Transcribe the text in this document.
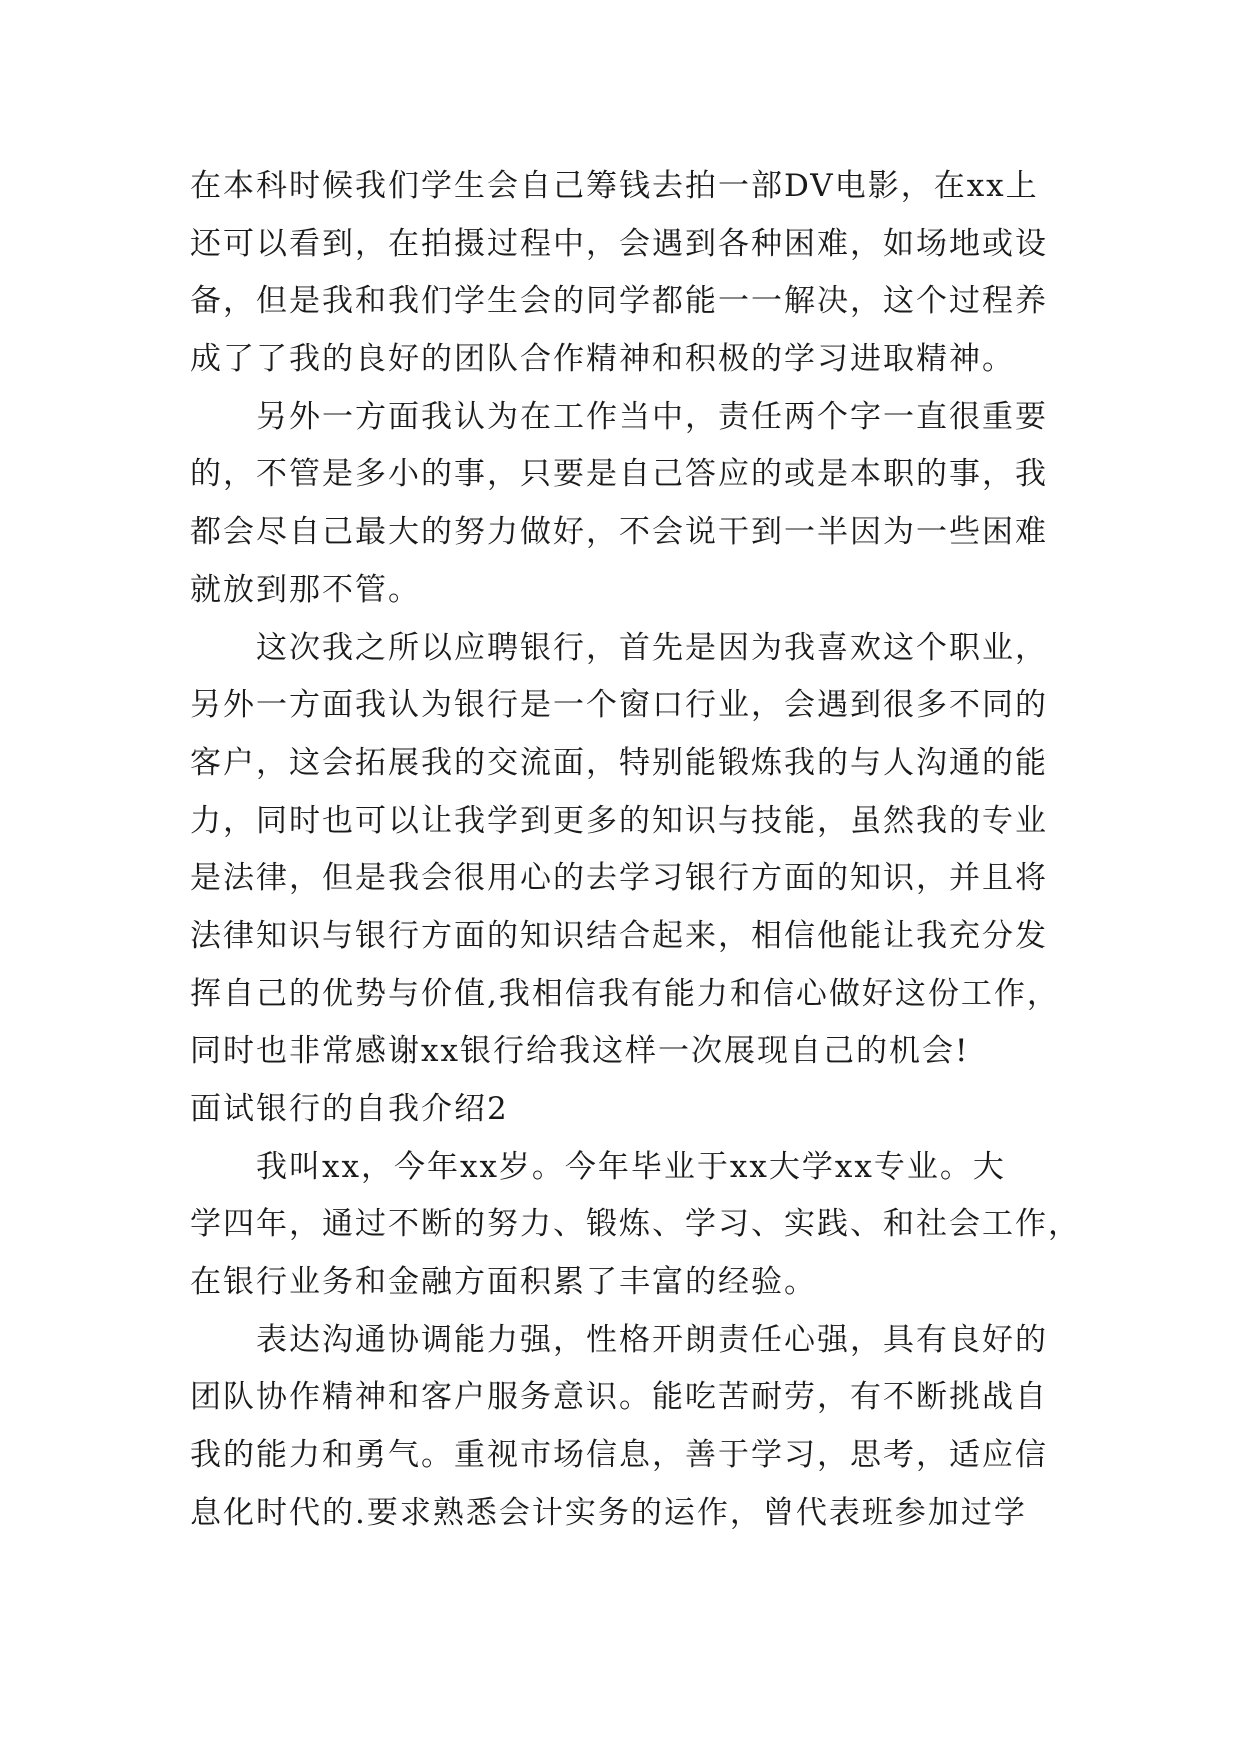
在本科时候我们学生会自己筹钱去拍一部DV电影，在xx上
还可以看到，在拍摄过程中，会遇到各种困难，如场地或设
备，但是我和我们学生会的同学都能一一解决，这个过程养
成了了我的良好的团队合作精神和积极的学习进取精神。
另外一方面我认为在工作当中，责任两个字一直很重要
的，不管是多小的事，只要是自己答应的或是本职的事，我
都会尽自己最大的努力做好，不会说干到一半因为一些困难
就放到那不管。
这次我之所以应聘银行，首先是因为我喜欢这个职业，
另外一方面我认为银行是一个窗口行业，会遇到很多不同的
客户，这会拓展我的交流面，特别能锻炼我的与人沟通的能
力，同时也可以让我学到更多的知识与技能，虽然我的专业
是法律，但是我会很用心的去学习银行方面的知识，并且将
法律知识与银行方面的知识结合起来，相信他能让我充分发
挥自己的优势与价值,我相信我有能力和信心做好这份工作，
同时也非常感谢xx银行给我这样一次展现自己的机会!
面试银行的自我介绍2
我叫xx，今年xx岁。今年毕业于xx大学xx专业。大
学四年，通过不断的努力、锻炼、学习、实践、和社会工作，
在银行业务和金融方面积累了丰富的经验。
表达沟通协调能力强，性格开朗责任心强，具有良好的
团队协作精神和客户服务意识。能吃苦耐劳，有不断挑战自
我的能力和勇气。重视市场信息，善于学习，思考，适应信
息化时代的.要求熟悉会计实务的运作，曾代表班参加过学
